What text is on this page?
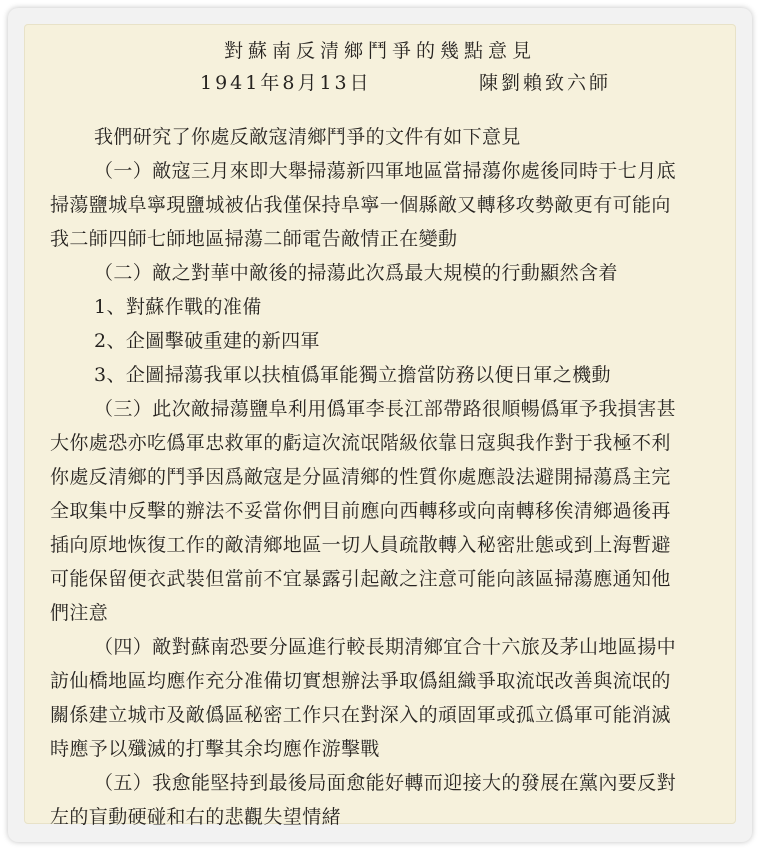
對蘇南反清鄉鬥爭的幾點意見
1941年8月13日	陳劉賴致六師
我們研究了你處反敵寇清鄉鬥爭的文件有如下意見
（一）敵寇三月來即大舉掃蕩新四軍地區當掃蕩你處後同時于七月底
掃蕩鹽城阜寧現鹽城被佔我僅保持阜寧一個縣敵又轉移攻勢敵更有可能向
我二師四師七師地區掃蕩二師電告敵情正在變動
（二）敵之對華中敵後的掃蕩此次爲最大規模的行動顯然含着
1、對蘇作戰的准備
2、企圖擊破重建的新四軍
3、企圖掃蕩我軍以扶植僞軍能獨立擔當防務以便日軍之機動
（三）此次敵掃蕩鹽阜利用僞軍李長江部帶路很順暢僞軍予我損害甚
大你處恐亦吃僞軍忠救軍的虧這次流氓階級依靠日寇與我作對于我極不利
你處反清鄉的鬥爭因爲敵寇是分區清鄉的性質你處應設法避開掃蕩爲主完
全取集中反擊的辦法不妥當你們目前應向西轉移或向南轉移俟清鄉過後再
插向原地恢復工作的敵清鄉地區一切人員疏散轉入秘密壯態或到上海暫避
可能保留便衣武裝但當前不宜暴露引起敵之注意可能向該區掃蕩應通知他
們注意
（四）敵對蘇南恐要分區進行較長期清鄉宜合十六旅及茅山地區揚中
訪仙橋地區均應作充分准備切實想辦法爭取僞組織爭取流氓改善與流氓的
關係建立城市及敵僞區秘密工作只在對深入的頑固軍或孤立僞軍可能消滅
時應予以殲滅的打擊其余均應作游擊戰
（五）我愈能堅持到最後局面愈能好轉而迎接大的發展在黨內要反對
左的盲動硬碰和右的悲觀失望情緒
